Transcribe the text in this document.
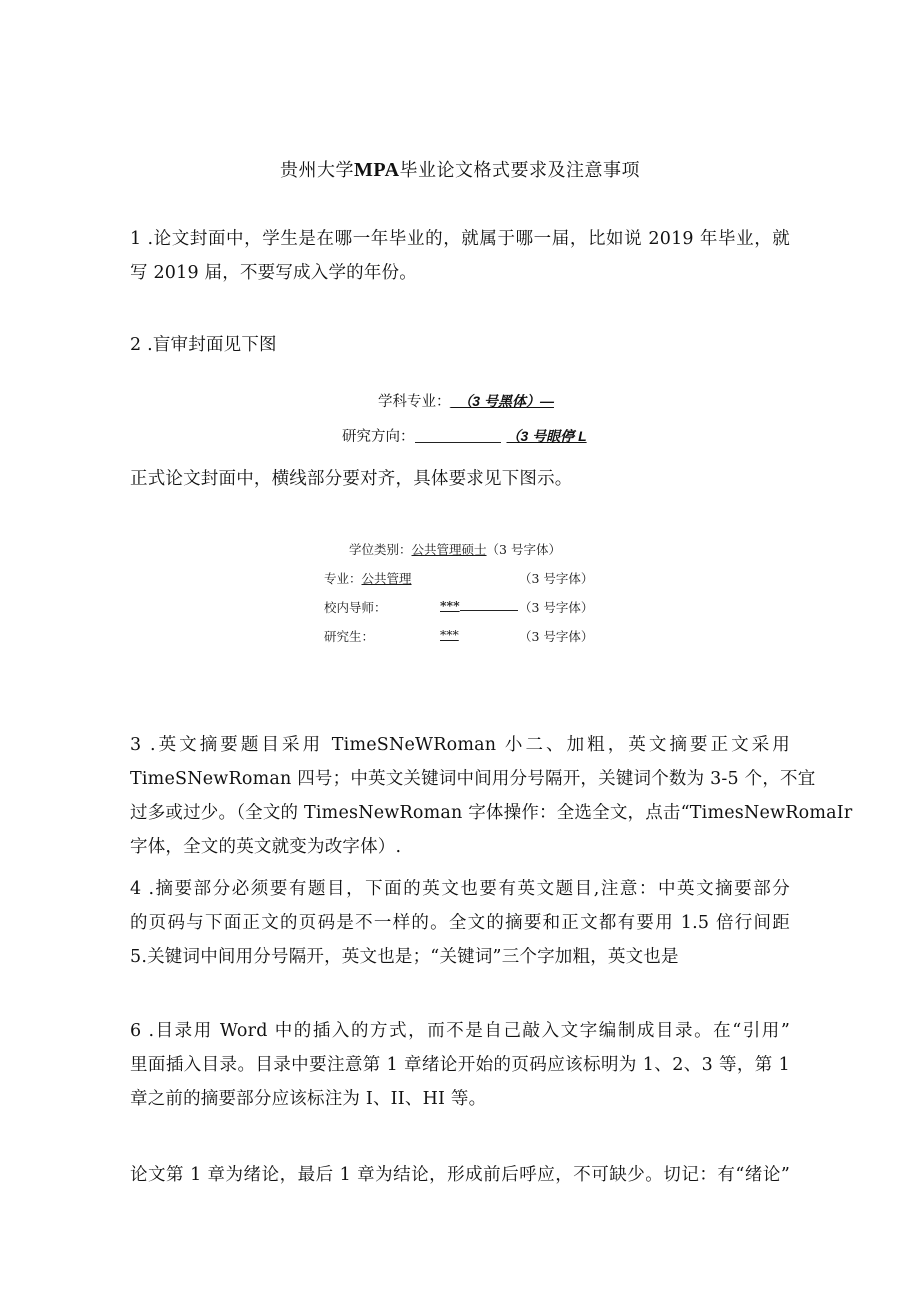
贵州大学MPA毕业论文格式要求及注意事项
1 .论文封面中，学生是在哪一年毕业的，就属于哪一届，比如说 2019 年毕业，就
写 2019 届，不要写成入学的年份。
2 .盲审封面见下图
学科专业：_（3 号黑体）—
研究方向：	（3 号眼停 L
正式论文封面中，横线部分要对齐，具体要求见下图示。
学位类别：公共管理硕士（3 号字体）
专业：公共管理	（3 号字体）
校内导师：	***	（3 号字体）
研究生：	***	（3 号字体）
3 .英文摘要题目采用 TimeSNeWRoman 小二、加粗，英文摘要正文采用
TimeSNewRoman 四号；中英文关键词中间用分号隔开，关键词个数为 3-5 个，不宜
过多或过少。（全文的 TimesNewRoman 字体操作：全选全文，点击“TimesNewRomaIr
字体，全文的英文就变为改字体）.
4 .摘要部分必须要有题目，下面的英文也要有英文题目,注意：中英文摘要部分
的页码与下面正文的页码是不一样的。全文的摘要和正文都有要用 1.5 倍行间距
5.关键词中间用分号隔开，英文也是；“关键词”三个字加粗，英文也是
6 .目录用 Word 中的插入的方式，而不是自己敲入文字编制成目录。在“引用”
里面插入目录。目录中要注意第 1 章绪论开始的页码应该标明为 1、2、3 等，第 1
章之前的摘要部分应该标注为 I、II、HI 等。
论文第 1 章为绪论，最后 1 章为结论，形成前后呼应，不可缺少。切记：有“绪论”
